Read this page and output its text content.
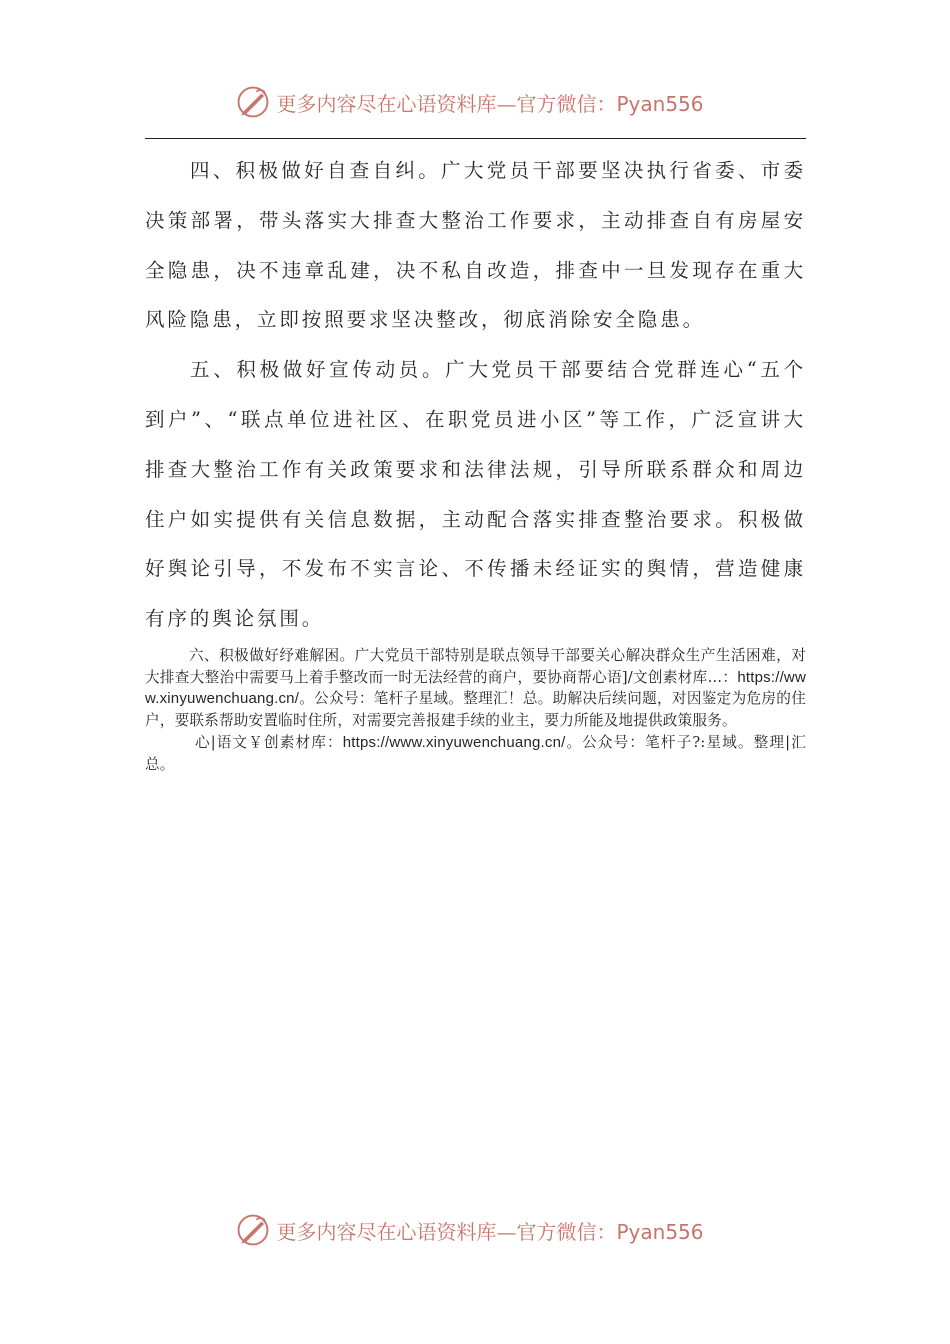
更多内容尽在心语资料库—官方微信：Pyan556

四、积极做好自查自纠。广大党员干部要坚决执行省委、市委决策部署，带头落实大排查大整治工作要求，主动排查自有房屋安全隐患，决不违章乱建，决不私自改造，排查中一旦发现存在重大风险隐患，立即按照要求坚决整改，彻底消除安全隐患。

五、积极做好宣传动员。广大党员干部要结合党群连心“五个到户”、“联点单位进社区、在职党员进小区”等工作，广泛宣讲大排查大整治工作有关政策要求和法律法规，引导所联系群众和周边住户如实提供有关信息数据，主动配合落实排查整治要求。积极做好舆论引导，不发布不实言论、不传播未经证实的舆情，营造健康有序的舆论氛围。

六、积极做好纾难解困。广大党员干部特别是联点领导干部要关心解决群众生产生活困难，对大排查大整治中需要马上着手整改而一时无法经营的商户，要协商帮心语]/文创素材库…：https://www.xinyuwenchuang.cn/。公众号：笔杆子星域。整理汇！总。助解决后续问题，对因鉴定为危房的住户，要联系帮助安置临时住所，对需要完善报建手续的业主，要力所能及地提供政策服务。

心|语文￥创素材库：https://www.xinyuwenchuang.cn/。公众号：笔杆子?:星域。整理|汇总。

更多内容尽在心语资料库—官方微信：Pyan556
